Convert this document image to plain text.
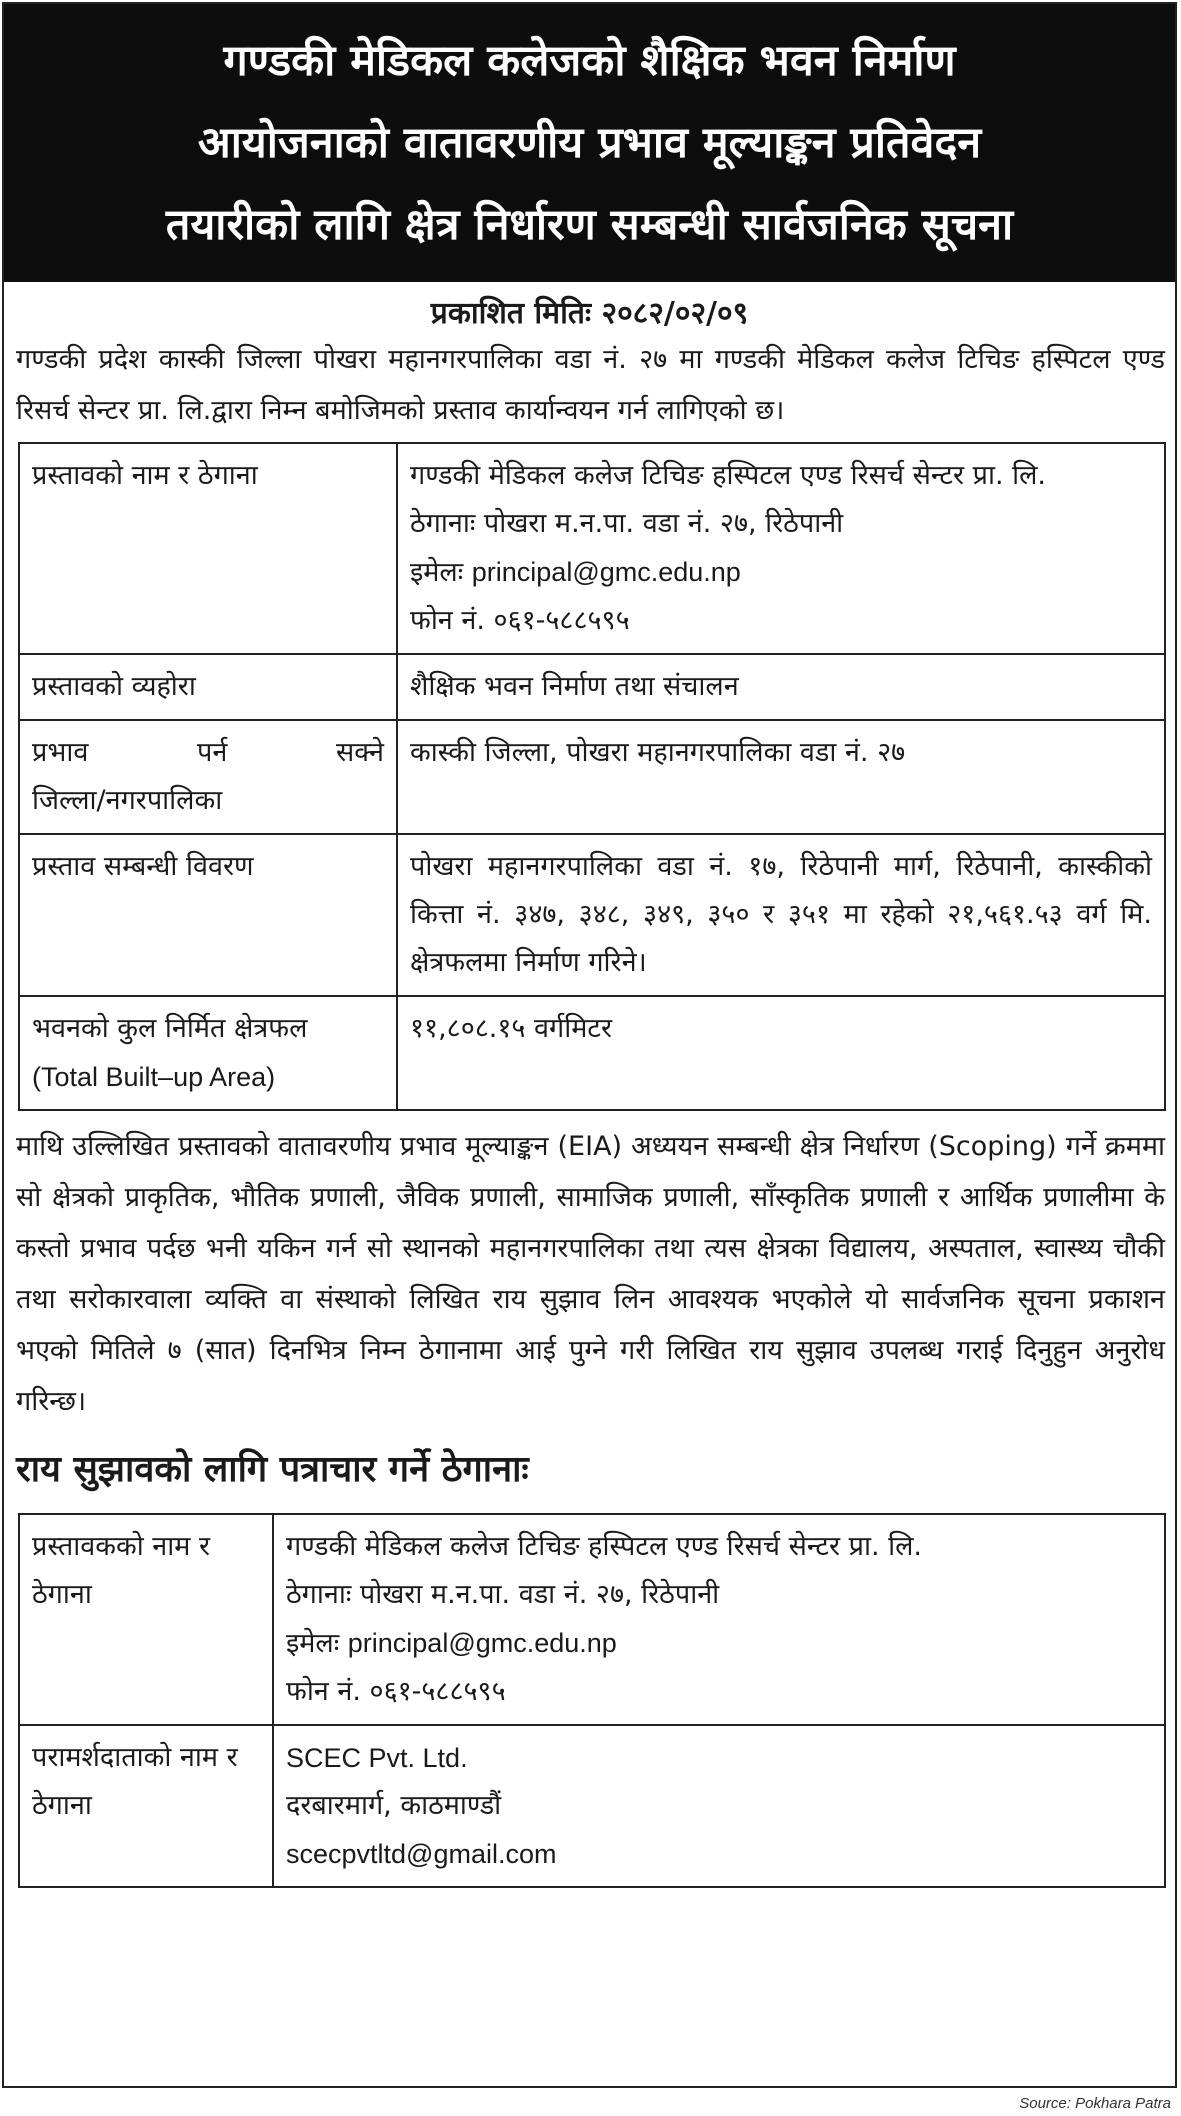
गण्डकी मेडिकल कलेजको शैक्षिक भवन निर्माण
आयोजनाको वातावरणीय प्रभाव मूल्याङ्कन प्रतिवेदन
तयारीको लागि क्षेत्र निर्धारण सम्बन्धी सार्वजनिक सूचना
प्रकाशित मितिः २०८२/०२/०९
गण्डकी प्रदेश कास्की जिल्ला पोखरा महानगरपालिका वडा नं. २७ मा गण्डकी मेडिकल कलेज टिचिङ हस्पिटल एण्ड रिसर्च सेन्टर प्रा. लि.द्वारा निम्न बमोजिमको प्रस्ताव कार्यान्वयन गर्न लागिएको छ।
प्रस्तावको नाम र ठेगाना	गण्डकी मेडिकल कलेज टिचिङ हस्पिटल एण्ड रिसर्च सेन्टर प्रा. लि.
ठेगानाः पोखरा म.न.पा. वडा नं. २७, रिठेपानी
इमेलः principal@gmc.edu.np
फोन नं. ०६१-५८८५९५

प्रस्तावको व्यहोरा	शैक्षिक भवन निर्माण तथा संचालन

प्रभाव पर्न सक्ने
जिल्ला/नगरपालिका	कास्की जिल्ला, पोखरा महानगरपालिका वडा नं. २७
प्रस्ताव सम्बन्धी विवरण	पोखरा महानगरपालिका वडा नं. १७, रिठेपानी मार्ग, रिठेपानी, कास्कीको कित्ता नं. ३४७, ३४८, ३४९, ३५० र ३५१ मा रहेको २१,५६१.५३ वर्ग मि. क्षेत्रफलमा निर्माण गरिने।

भवनको कुल निर्मित क्षेत्रफल
(Total Built–up Area)	११,८०८.१५ वर्गमिटर
माथि उल्लिखित प्रस्तावको वातावरणीय प्रभाव मूल्याङ्कन (EIA) अध्ययन सम्बन्धी क्षेत्र निर्धारण (Scoping) गर्ने क्रममा सो क्षेत्रको प्राकृतिक, भौतिक प्रणाली, जैविक प्रणाली, सामाजिक प्रणाली, साँस्कृतिक प्रणाली र आर्थिक प्रणालीमा के कस्तो प्रभाव पर्दछ भनी यकिन गर्न सो स्थानको महानगरपालिका तथा त्यस क्षेत्रका विद्यालय, अस्पताल, स्वास्थ्य चौकी तथा सरोकारवाला व्यक्ति वा संस्थाको लिखित राय सुझाव लिन आवश्यक भएकोले यो सार्वजनिक सूचना प्रकाशन भएको मितिले ७ (सात) दिनभित्र निम्न ठेगानामा आई पुग्ने गरी लिखित राय सुझाव उपलब्ध गराई दिनुहुन अनुरोध गरिन्छ।
राय सुझावको लागि पत्राचार गर्ने ठेगानाः
प्रस्तावकको नाम र ठेगाना	गण्डकी मेडिकल कलेज टिचिङ हस्पिटल एण्ड रिसर्च सेन्टर प्रा. लि.
ठेगानाः पोखरा म.न.पा. वडा नं. २७, रिठेपानी
इमेलः principal@gmc.edu.np
फोन नं. ०६१-५८८५९५

परामर्शदाताको नाम र ठेगाना	SCEC Pvt. Ltd.
दरबारमार्ग, काठमाण्डौं
scecpvtltd@gmail.com
Source: Pokhara Patra
